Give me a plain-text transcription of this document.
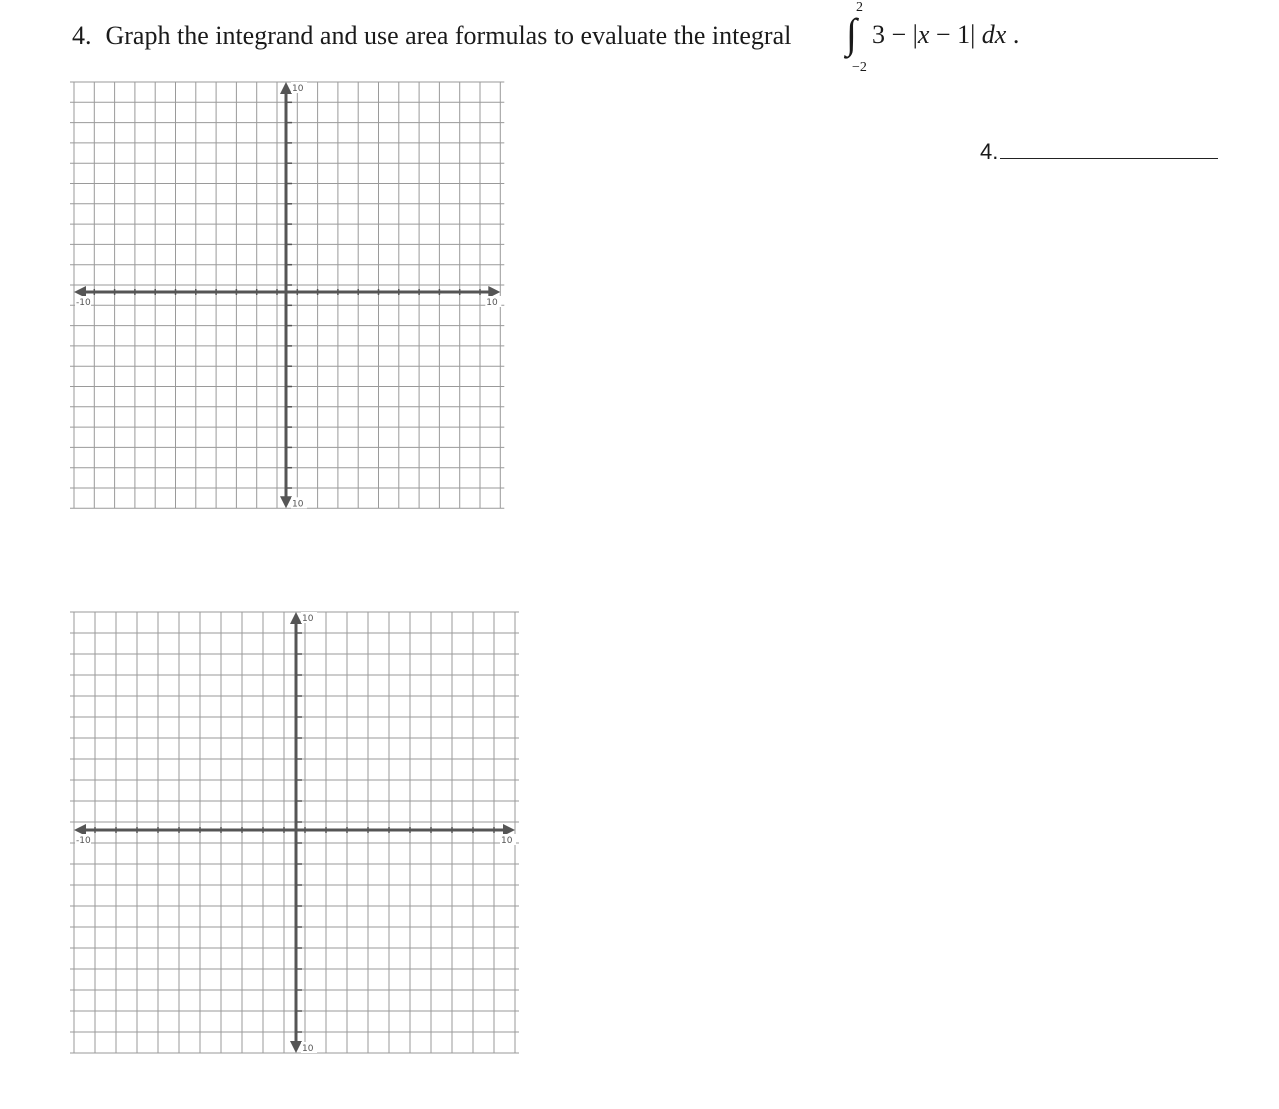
4. Graph the integrand and use area formulas to evaluate the integral
2
∫
−2
3 − |x − 1| dx .
4.
-10	10
10
10
-10	10
10
10
